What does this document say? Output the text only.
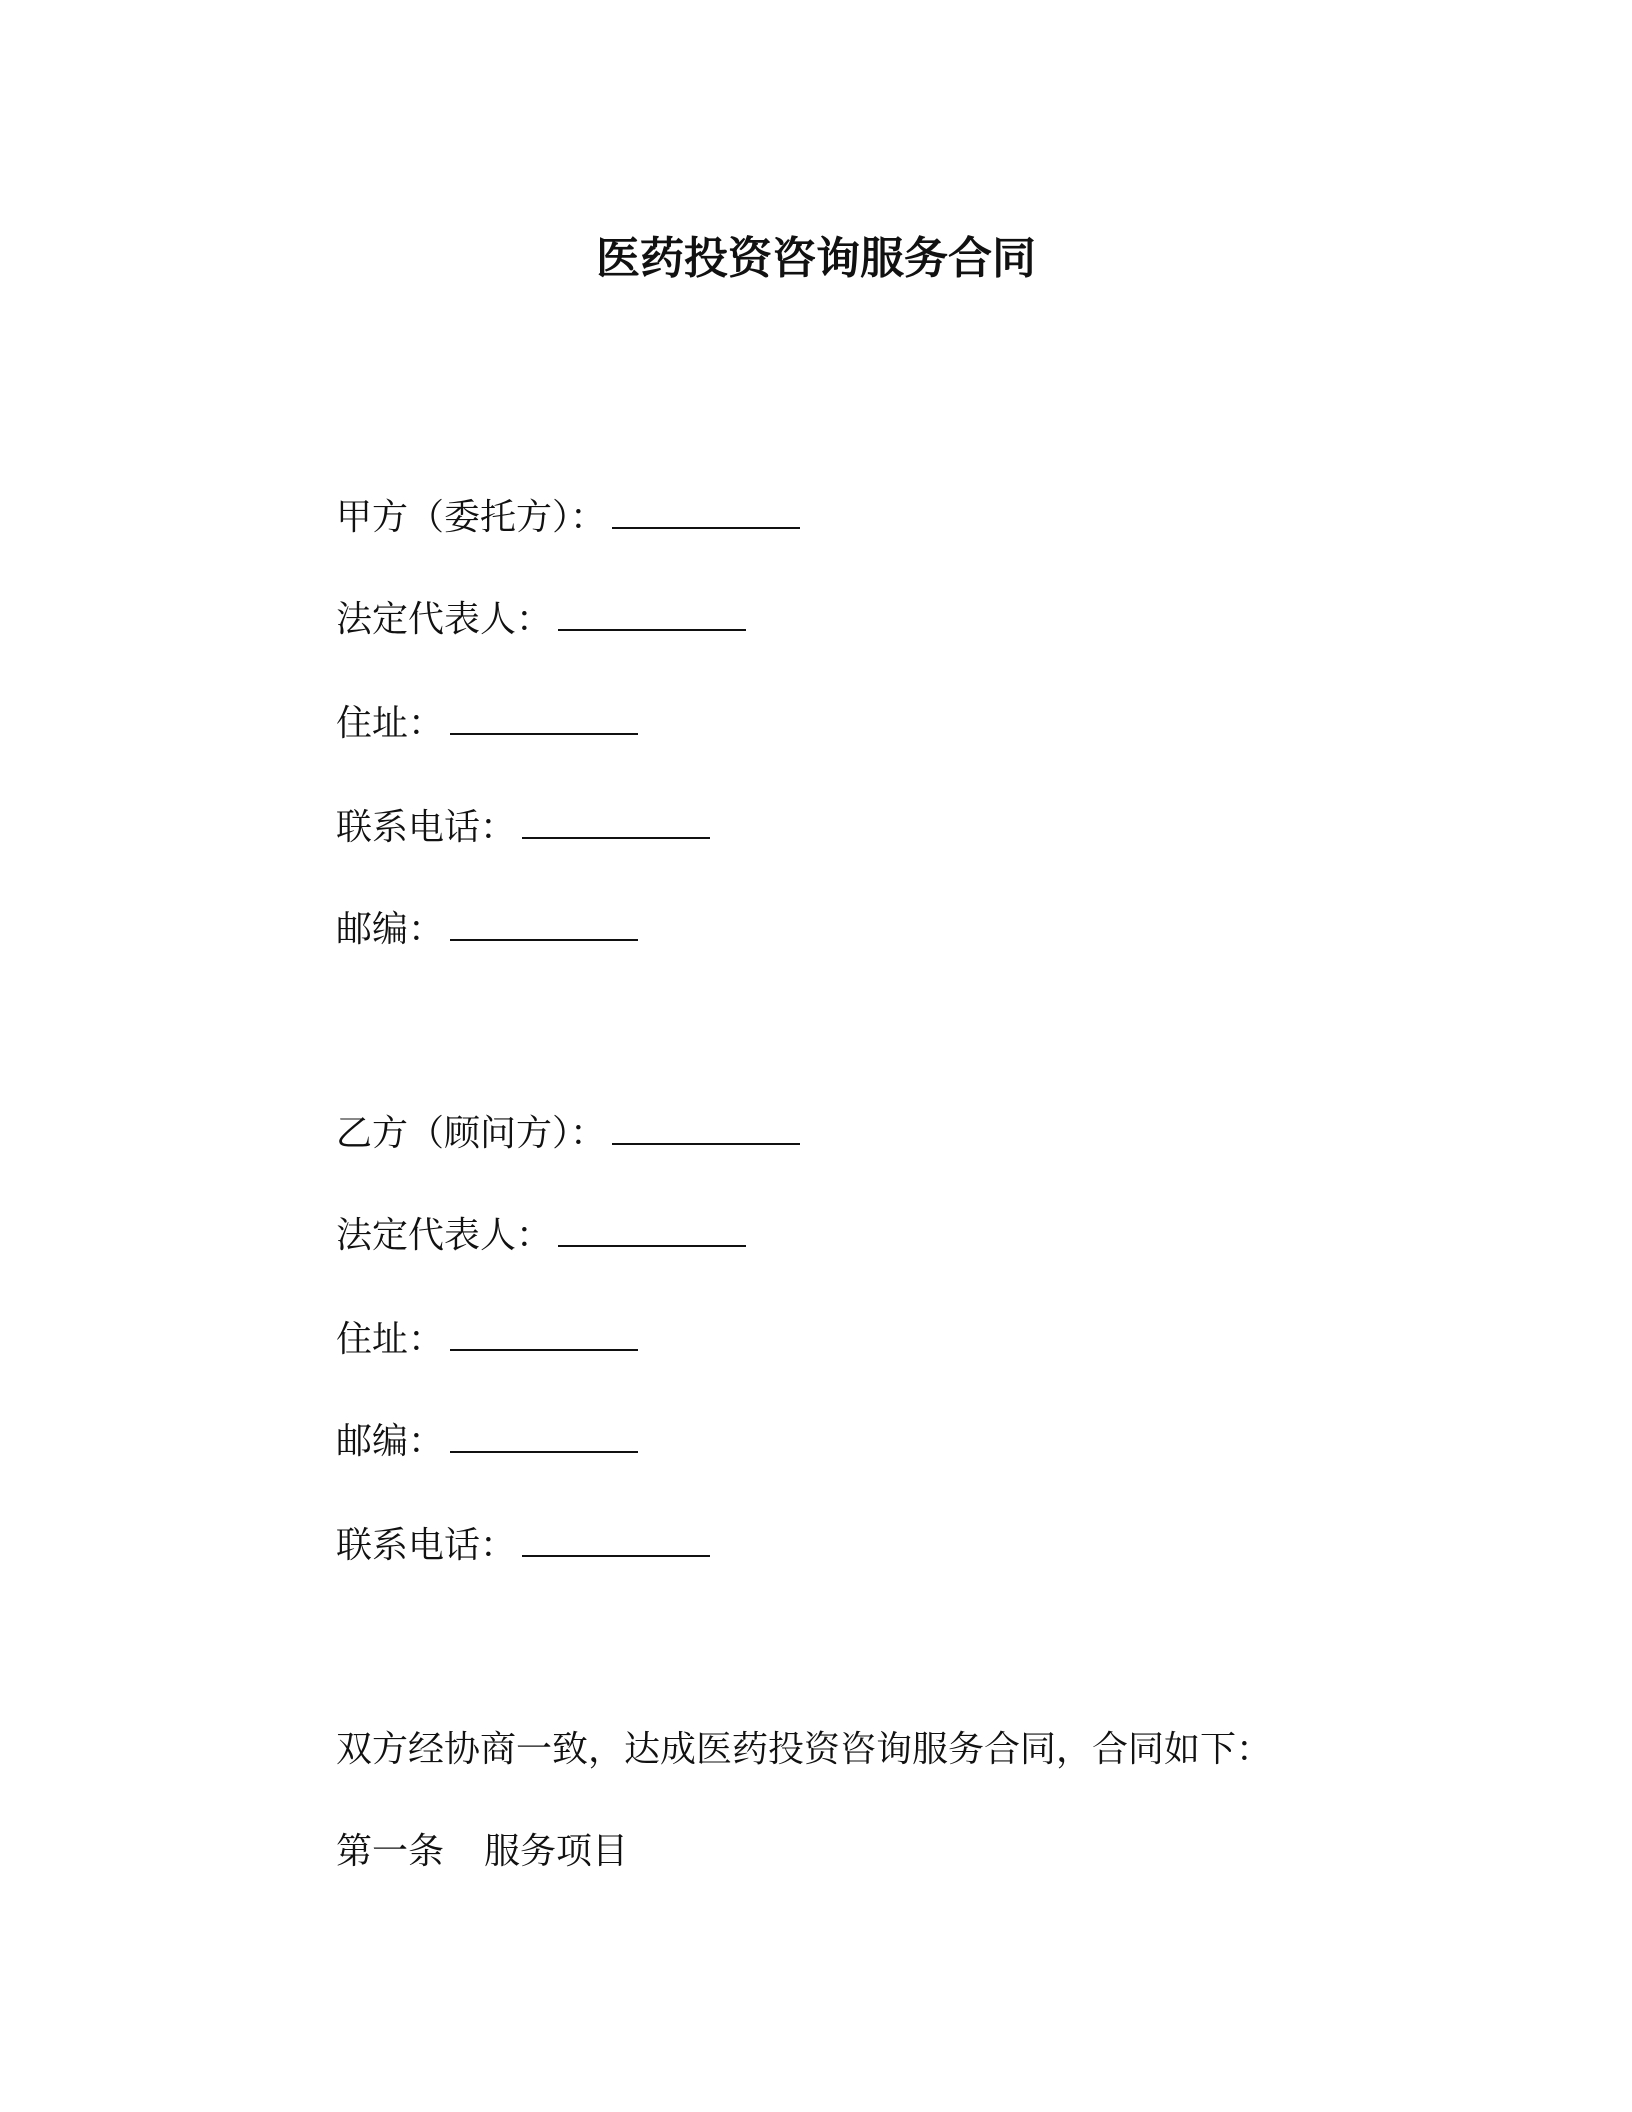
医药投资咨询服务合同
甲方（委托方）：
法定代表人：
住址：
联系电话：
邮编：
乙方（顾问方）：
法定代表人：
住址：
邮编：
联系电话：
双方经协商一致，达成医药投资咨询服务合同，合同如下：
第一条 服务项目
